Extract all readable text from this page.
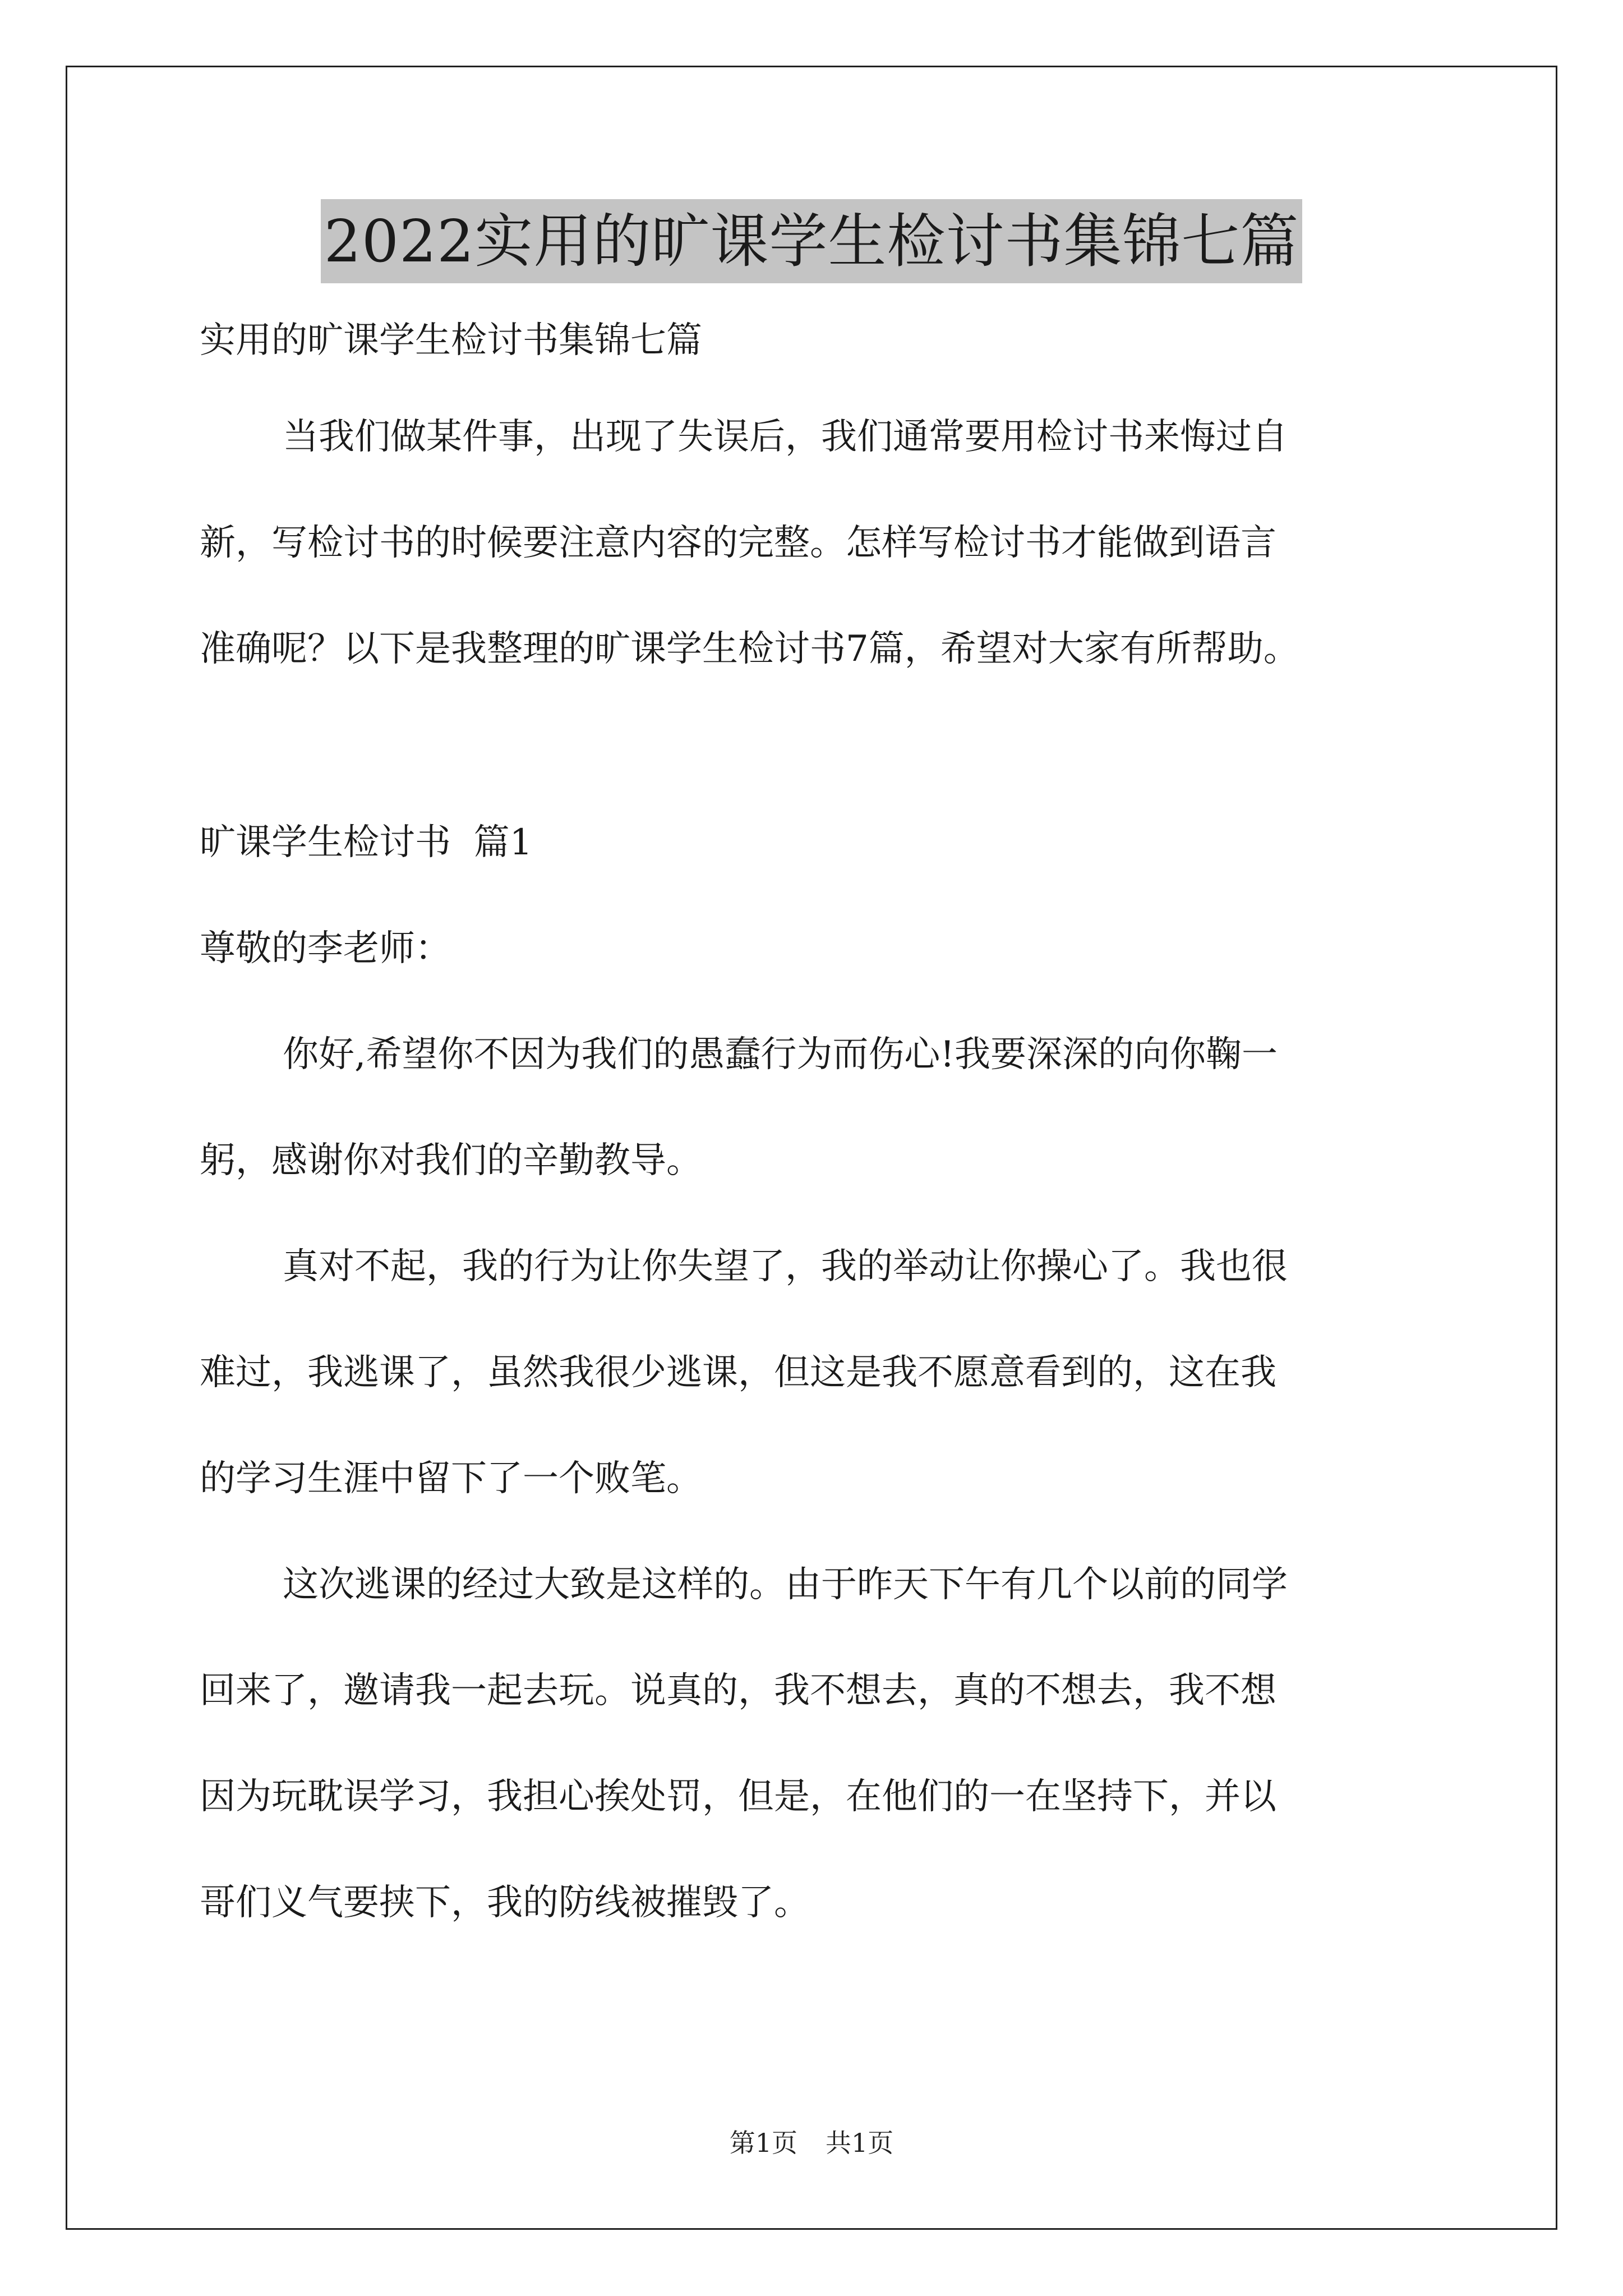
2022实用的旷课学生检讨书集锦七篇

实用的旷课学生检讨书集锦七篇

当我们做某件事，出现了失误后，我们通常要用检讨书来悔过自
新，写检讨书的时候要注意内容的完整。怎样写检讨书才能做到语言
准确呢？以下是我整理的旷课学生检讨书7篇，希望对大家有所帮助。

旷课学生检讨书  篇1

尊敬的李老师：

你好,希望你不因为我们的愚蠢行为而伤心!我要深深的向你鞠一
躬，感谢你对我们的辛勤教导。
真对不起，我的行为让你失望了，我的举动让你操心了。我也很
难过，我逃课了，虽然我很少逃课，但这是我不愿意看到的，这在我
的学习生涯中留下了一个败笔。
这次逃课的经过大致是这样的。由于昨天下午有几个以前的同学
回来了，邀请我一起去玩。说真的，我不想去，真的不想去，我不想
因为玩耽误学习，我担心挨处罚，但是，在他们的一在坚持下，并以
哥们义气要挟下，我的防线被摧毁了。
第1页 共1页
